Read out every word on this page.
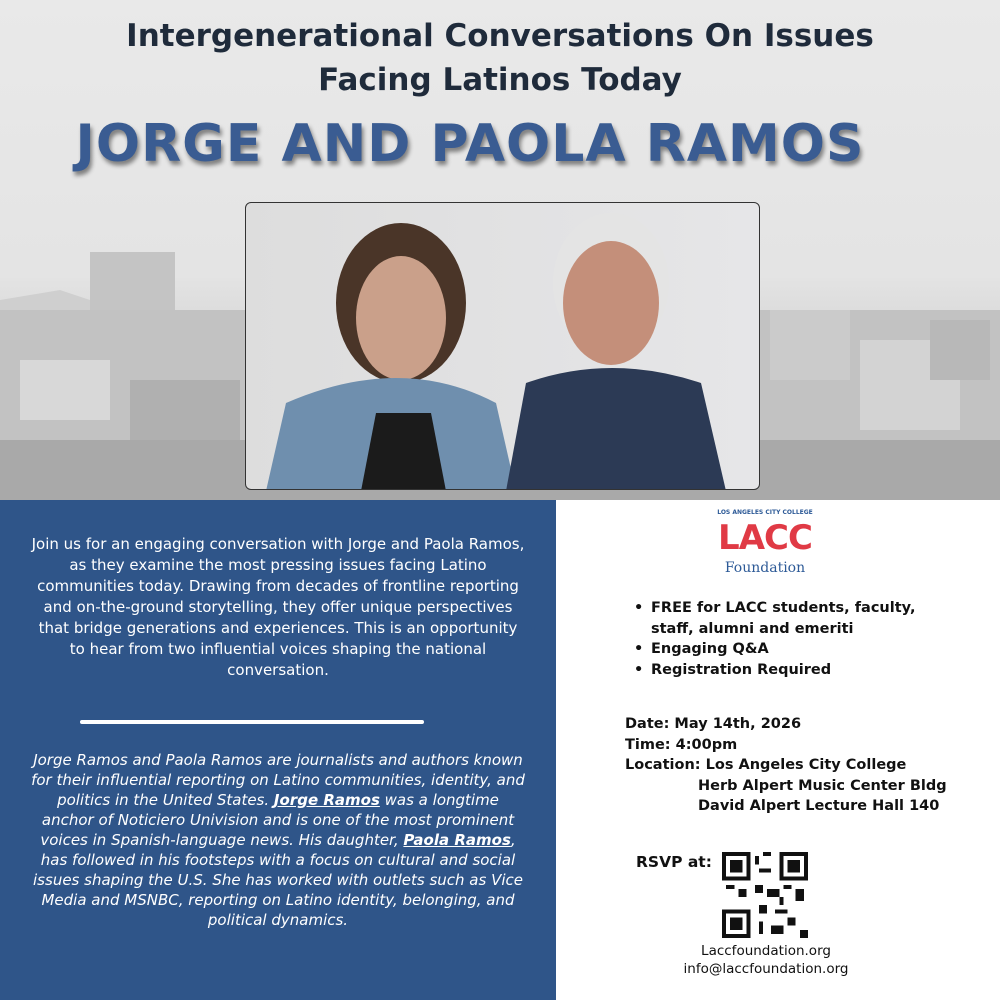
Intergenerational Conversations On Issues
Facing Latinos Today
JORGE AND PAOLA RAMOS

Join us for an engaging conversation with Jorge and Paola Ramos, as they examine the most pressing issues facing Latino communities today. Drawing from decades of frontline reporting and on-the-ground storytelling, they offer unique perspectives that bridge generations and experiences. This is an opportunity to hear from two influential voices shaping the national conversation.

Jorge Ramos and Paola Ramos are journalists and authors known for their influential reporting on Latino communities, identity, and politics in the United States. Jorge Ramos was a longtime anchor of Noticiero Univision and is one of the most prominent voices in Spanish-language news. His daughter, Paola Ramos, has followed in his footsteps with a focus on cultural and social issues shaping the U.S. She has worked with outlets such as Vice Media and MSNBC, reporting on Latino identity, belonging, and political dynamics.

LOS ANGELES CITY COLLEGE
LACC
Foundation
• FREE for LACC students, faculty, staff, alumni and emeriti
• Engaging Q&A
• Registration Required
Date: May 14th, 2026
Time: 4:00pm
Location: Los Angeles City College
Herb Alpert Music Center Bldg
David Alpert Lecture Hall 140
RSVP at:
Laccfoundation.org
info@laccfoundation.org
